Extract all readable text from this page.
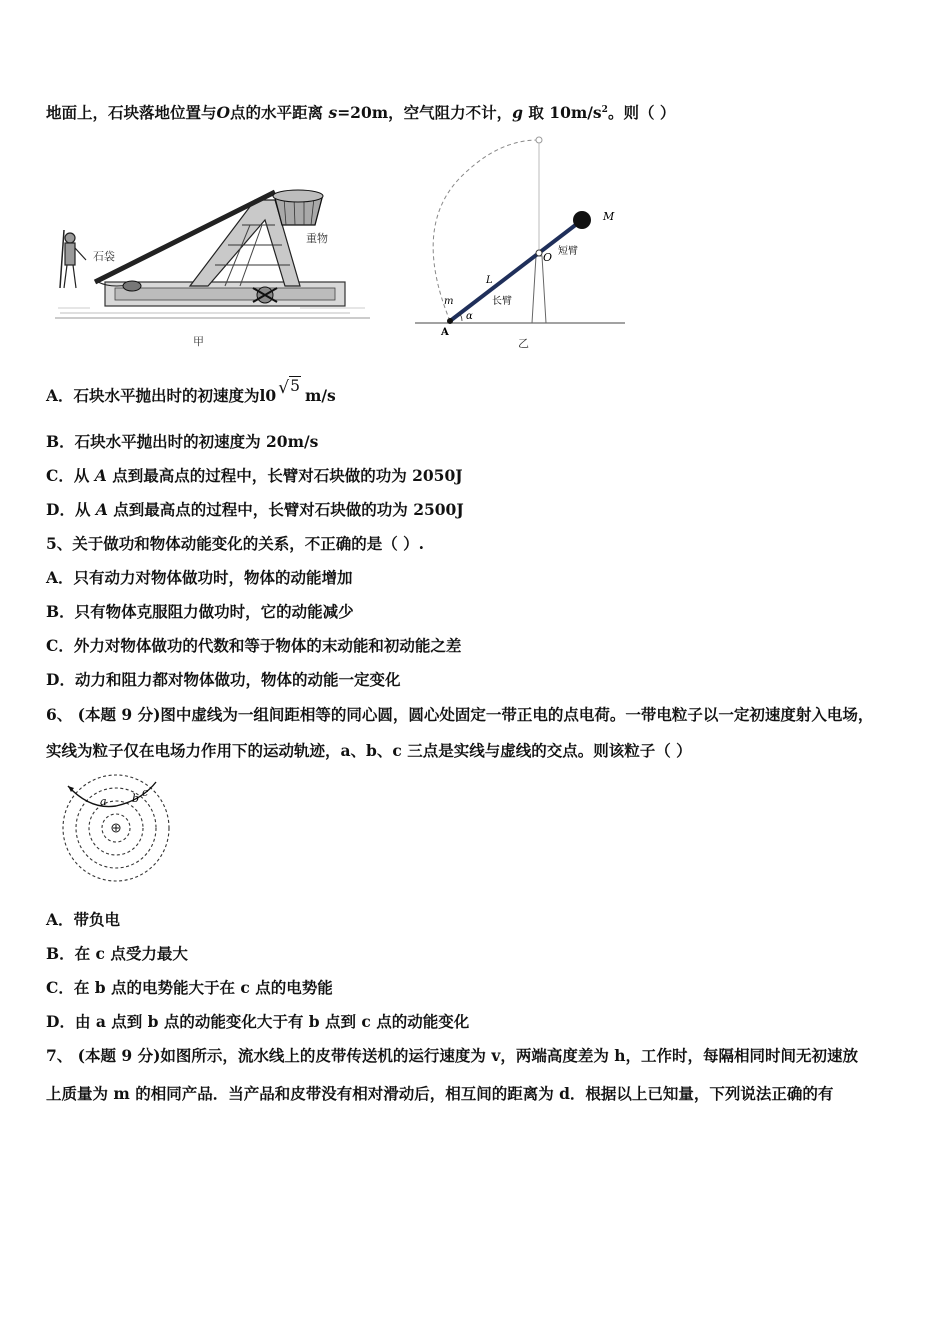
地面上，石块落地位置与O点的水平距离 s=20m，空气阻力不计，g 取 $10m/s^2$。则（ ）
石袋
重物
甲
M
O 短臂
L
长臂
m
α
A
乙
A．石块水平抛出时的初速度为l0 √5 m/s
B．石块水平抛出时的初速度为 20m/s
C．从 A 点到最高点的过程中，长臂对石块做的功为 2050J
D．从 A 点到最高点的过程中，长臂对石块做的功为 2500J
5、关于做功和物体动能变化的关系，不正确的是（ ）.
A．只有动力对物体做功时，物体的动能增加
B．只有物体克服阻力做功时，它的动能减少
C．外力对物体做功的代数和等于物体的末动能和初动能之差
D．动力和阻力都对物体做功，物体的动能一定变化
6、 (本题 9 分)图中虚线为一组间距相等的同心圆，圆心处固定一带正电的点电荷。一带电粒子以一定初速度射入电场，
实线为粒子仅在电场力作用下的运动轨迹，a、b、c 三点是实线与虚线的交点。则该粒子（ ）
a b c
A．带负电
B．在 c 点受力最大
C．在 b 点的电势能大于在 c 点的电势能
D．由 a 点到 b 点的动能变化大于有 b 点到 c 点的动能变化
7、 (本题 9 分)如图所示，流水线上的皮带传送机的运行速度为 v，两端高度差为 h，工作时，每隔相同时间无初速放
上质量为 m 的相同产品．当产品和皮带没有相对滑动后，相互间的距离为 d．根据以上已知量，下列说法正确的有
